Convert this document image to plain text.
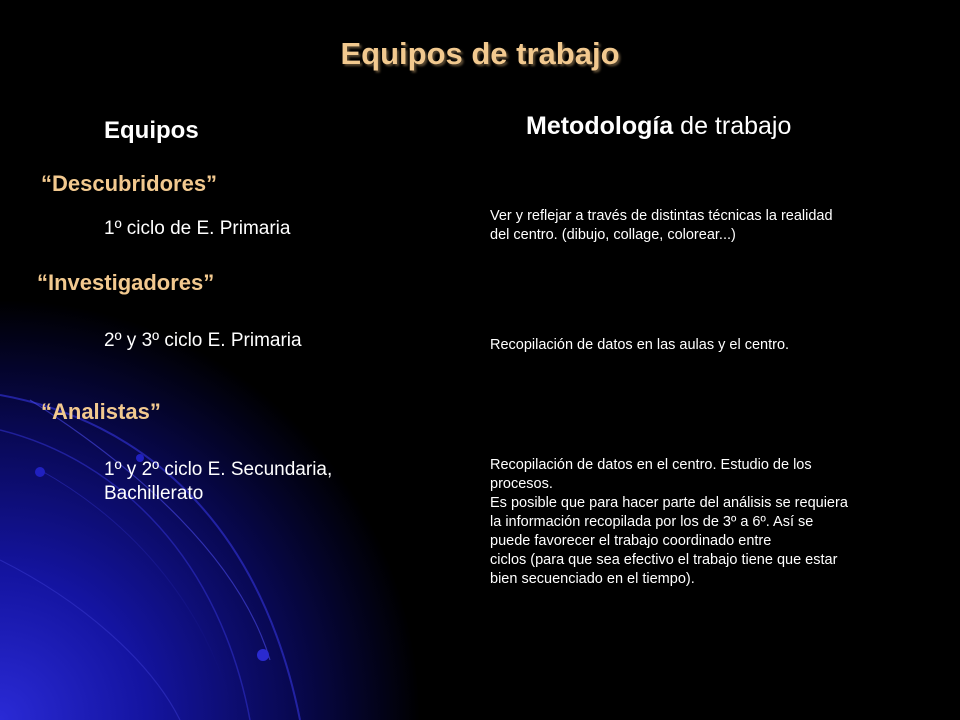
Equipos de trabajo
Equipos	Metodología de trabajo
“Descubridores”
1º ciclo de E. Primaria
Ver y reflejar a través de distintas técnicas la realidad
del centro. (dibujo, collage, colorear...)
“Investigadores”
2º y 3º ciclo E. Primaria	Recopilación de datos en las aulas y el centro.
“Analistas”
1º y 2º ciclo E. Secundaria,
Bachillerato
Recopilación de datos en el centro. Estudio de los
procesos.
Es posible que para hacer parte del análisis se requiera
la información recopilada por los de 3º a 6º. Así se
puede favorecer el trabajo coordinado entre
ciclos (para que sea efectivo el trabajo tiene que estar
bien secuenciado en el tiempo).
